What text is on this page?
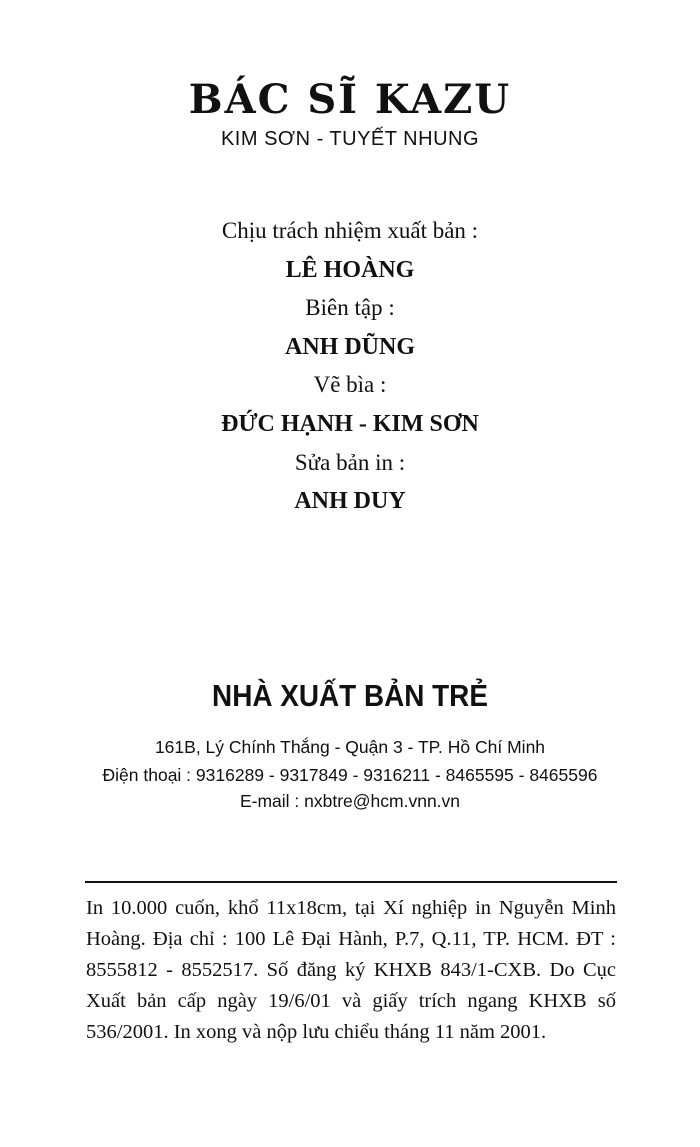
BÁC SĨ KAZU
KIM SƠN - TUYẾT NHUNG
Chịu trách nhiệm xuất bản :
LÊ HOÀNG
Biên tập :
ANH DŨNG
Vẽ bìa :
ĐỨC HẠNH - KIM SƠN
Sửa bản in :
ANH DUY
NHÀ XUẤT BẢN TRẺ
161B, Lý Chính Thắng - Quận 3 - TP. Hồ Chí Minh
Điện thoại : 9316289 - 9317849 - 9316211 - 8465595 - 8465596
E-mail : nxbtre@hcm.vnn.vn
In 10.000 cuốn, khổ 11x18cm, tại Xí nghiệp in Nguyễn Minh Hoàng. Địa chỉ : 100 Lê Đại Hành, P.7, Q.11, TP. HCM. ĐT : 8555812 - 8552517. Số đăng ký KHXB 843/1-CXB. Do Cục Xuất bản cấp ngày 19/6/01 và giấy trích ngang KHXB số 536/2001. In xong và nộp lưu chiểu tháng 11 năm 2001.
